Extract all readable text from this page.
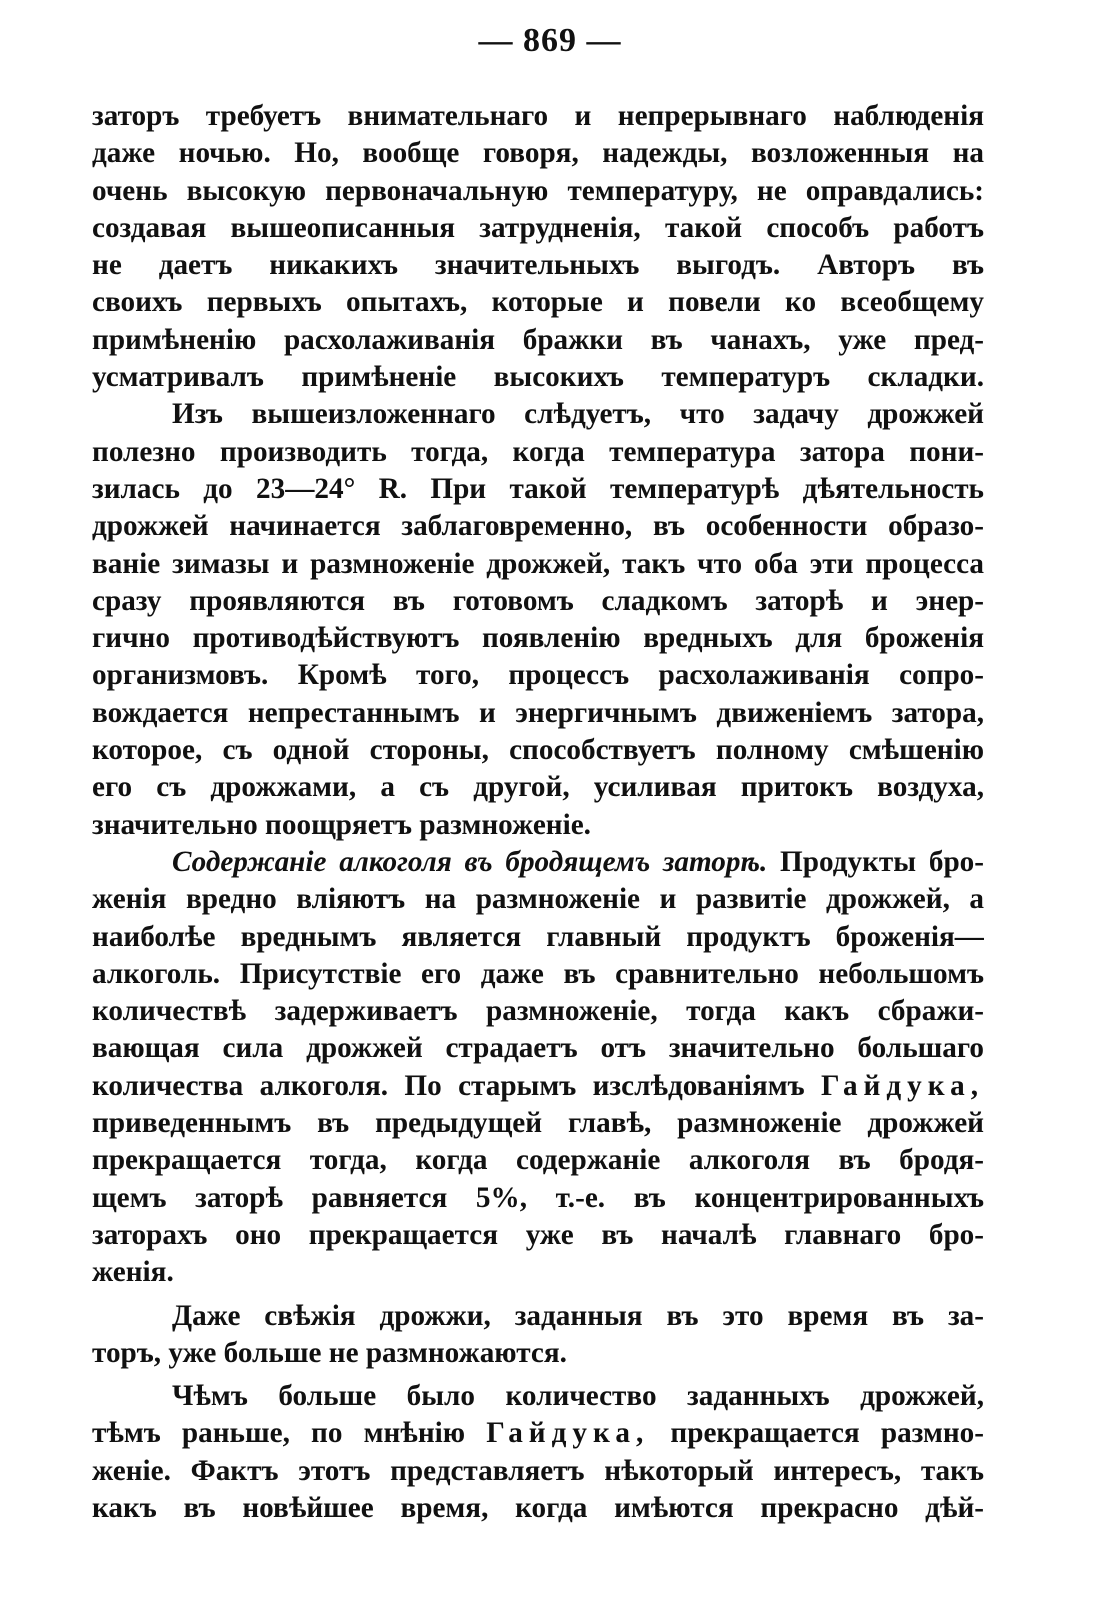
— 869 —
заторъ требуетъ внимательнаго и непрерывнаго наблюденія
даже ночью. Но, вообще говоря, надежды, возложенныя на
очень высокую первоначальную температуру, не оправдались:
создавая вышеописанныя затрудненія, такой способъ работъ
не даетъ никакихъ значительныхъ выгодъ. Авторъ въ
своихъ первыхъ опытахъ, которые и повели ко всеобщему
примѣненію расхолаживанія бражки въ чанахъ, уже пред-
усматривалъ примѣненіе высокихъ температуръ складки.
Изъ вышеизложеннаго слѣдуетъ, что задачу дрожжей
полезно производить тогда, когда температура затора пони-
зилась до 23—24° R. При такой температурѣ дѣятельность
дрожжей начинается заблаговременно, въ особенности образо-
ваніе зимазы и размноженіе дрожжей, такъ что оба эти процесса
сразу проявляются въ готовомъ сладкомъ заторѣ и энер-
гично противодѣйствуютъ появленію вредныхъ для броженія
организмовъ. Кромѣ того, процессъ расхолаживанія сопро-
вождается непрестаннымъ и энергичнымъ движеніемъ затора,
которое, съ одной стороны, способствуетъ полному смѣшенію
его съ дрожжами, а съ другой, усиливая притокъ воздуха,
значительно поощряетъ размноженіе.
Содержаніе алкоголя въ бродящемъ заторѣ. Продукты бро-
женія вредно вліяютъ на размноженіе и развитіе дрожжей, а
наиболѣе вреднымъ является главный продуктъ броженія—
алкоголь. Присутствіе его даже въ сравнительно небольшомъ
количествѣ задерживаетъ размноженіе, тогда какъ сбражи-
вающая сила дрожжей страдаетъ отъ значительно большаго
количества алкоголя. По старымъ изслѣдованіямъ Гайдука,
приведеннымъ въ предыдущей главѣ, размноженіе дрожжей
прекращается тогда, когда содержаніе алкоголя въ бродя-
щемъ заторѣ равняется 5%, т.-е. въ концентрированныхъ
заторахъ оно прекращается уже въ началѣ главнаго бро-
женія.
Даже свѣжія дрожжи, заданныя въ это время въ за-
торъ, уже больше не размножаются.
Чѣмъ больше было количество заданныхъ дрожжей,
тѣмъ раньше, по мнѣнію Гайдука, прекращается размно-
женіе. Фактъ этотъ представляетъ нѣкоторый интересъ, такъ
какъ въ новѣйшее время, когда имѣются прекрасно дѣй-
